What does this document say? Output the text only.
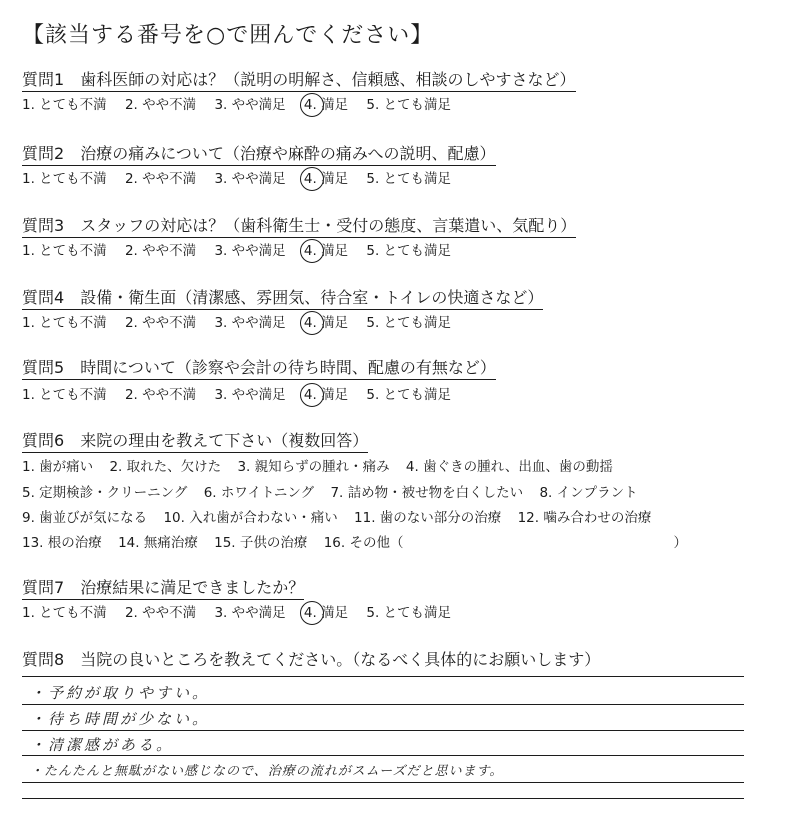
【該当する番号を○で囲んでください】
質問1 歯科医師の対応は？（説明の明解さ、信頼感、相談のしやすさなど）
1. とても不満 2. やや不満 3. やや満足 4. 満足 5. とても満足
質問2 治療の痛みについて（治療や麻酔の痛みへの説明、配慮）
1. とても不満 2. やや不満 3. やや満足 4. 満足 5. とても満足
質問3 スタッフの対応は？（歯科衛生士・受付の態度、言葉遣い、気配り）
1. とても不満 2. やや不満 3. やや満足 4. 満足 5. とても満足
質問4 設備・衛生面（清潔感、雰囲気、待合室・トイレの快適さなど）
1. とても不満 2. やや不満 3. やや満足 4. 満足 5. とても満足
質問5 時間について（診察や会計の待ち時間、配慮の有無など）
1. とても不満 2. やや不満 3. やや満足 4. 満足 5. とても満足
質問6 来院の理由を教えて下さい（複数回答）
1. 歯が痛い 2. 取れた、欠けた 3. 親知らずの腫れ・痛み 4. 歯ぐきの腫れ、出血、歯の動揺
5. 定期検診・クリーニング 6. ホワイトニング 7. 詰め物・被せ物を白くしたい 8. インプラント
9. 歯並びが気になる 10. 入れ歯が合わない・痛い 11. 歯のない部分の治療 12. 噛み合わせの治療
13. 根の治療 14. 無痛治療 15. 子供の治療 16. その他（	）
質問7 治療結果に満足できましたか？
1. とても不満 2. やや不満 3. やや満足 4. 満足 5. とても満足
質問8 当院の良いところを教えてください。（なるべく具体的にお願いします）
・予約が取りやすい。
・待ち時間が少ない。
・清潔感がある。
・たんたんと無駄がない感じなので、治療の流れがスムーズだと思います。
